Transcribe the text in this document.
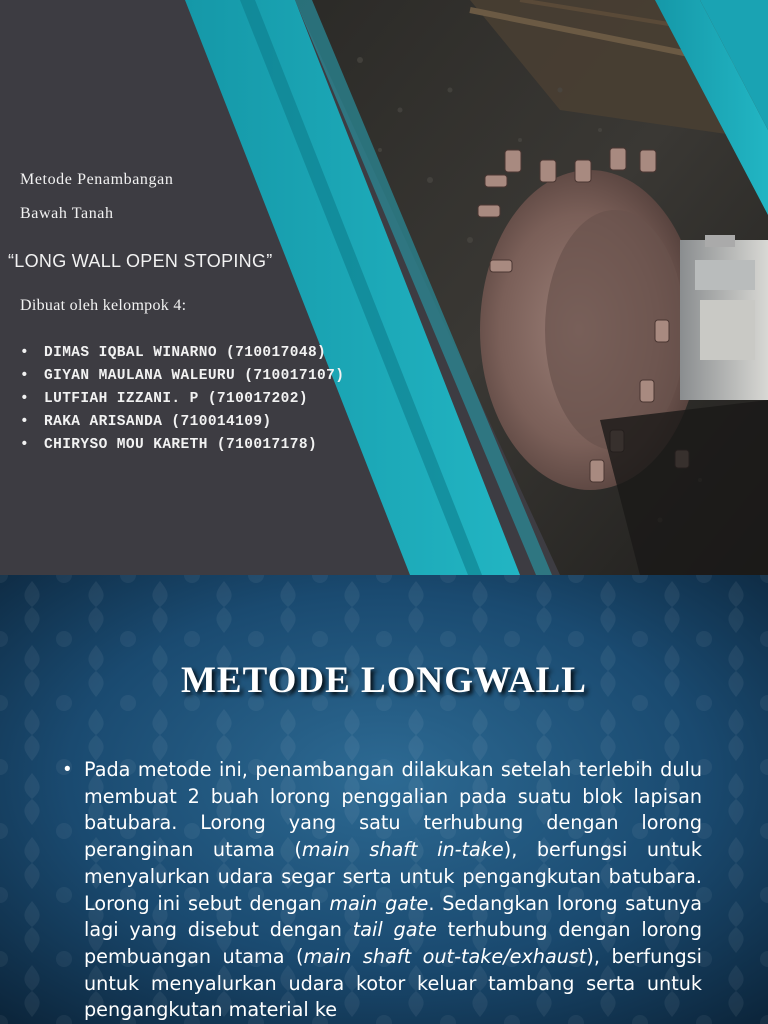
Metode Penambangan
Bawah Tanah
“LONG WALL OPEN STOPING”
Dibuat oleh kelompok 4:
• DIMAS IQBAL WINARNO (710017048)
• GIYAN MAULANA WALEURU (710017107)
• LUTFIAH IZZANI. P (710017202)
• RAKA ARISANDA (710014109)
• CHIRYSO MOU KARETH (710017178)
METODE LONGWALL
• Pada metode ini, penambangan dilakukan setelah terlebih dulu membuat 2 buah lorong penggalian pada suatu blok lapisan batubara. Lorong yang satu terhubung dengan lorong peranginan utama (main shaft in-take), berfungsi untuk menyalurkan udara segar serta untuk pengangkutan batubara. Lorong ini sebut dengan main gate. Sedangkan lorong satunya lagi yang disebut dengan tail gate terhubung dengan lorong pembuangan utama (main shaft out-take/exhaust), berfungsi untuk menyalurkan udara kotor keluar tambang serta untuk pengangkutan material ke
